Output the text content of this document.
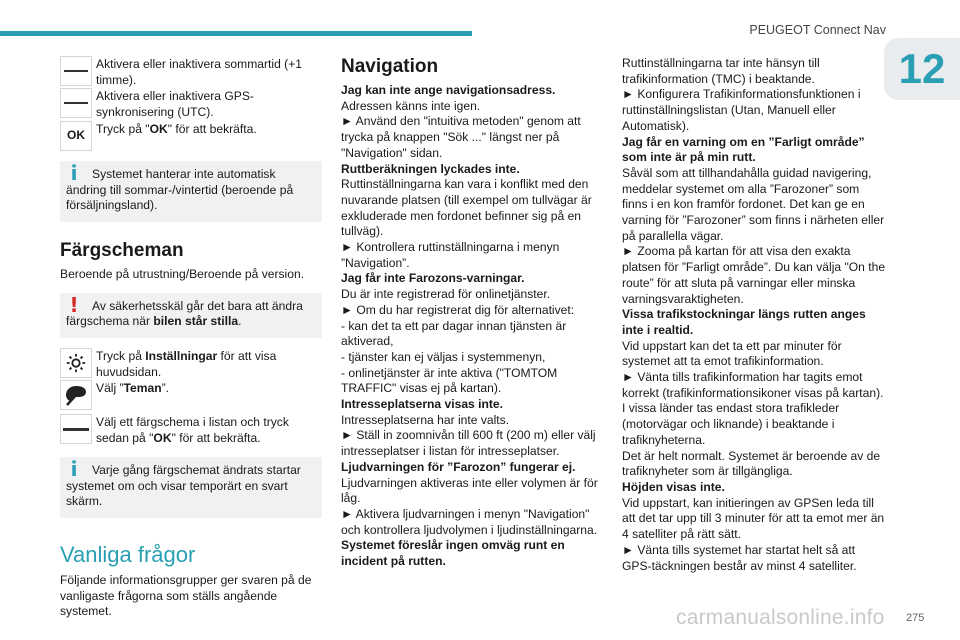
PEUGEOT Connect Nav
12
Aktivera eller inaktivera sommartid (+1 timme).
Aktivera eller inaktivera GPS-synkronisering (UTC).
OK Tryck på "OK" för att bekräfta.
i	Systemet hanterar inte automatisk ändring till sommar-/vintertid (beroende på försäljningsland).
Färgscheman

Beroende på utrustning/Beroende på version.

!	Av säkerhetsskäl går det bara att ändra färgschema när bilen står stilla.
Tryck på Inställningar för att visa huvudsidan.
Välj ”Teman”.
Välj ett färgschema i listan och tryck sedan på "OK" för att bekräfta.
i	Varje gång färgschemat ändrats startar systemet om och visar temporärt en svart skärm.
Vanliga frågor

Följande informationsgrupper ger svaren på de vanligaste frågorna som ställs angående systemet.

Navigation

Jag kan inte ange navigationsadress.

Adressen känns inte igen.

► Använd den "intuitiva metoden" genom att trycka på knappen "Sök ..." längst ner på "Navigation" sidan.

Ruttberäkningen lyckades inte.

Ruttinställningarna kan vara i konflikt med den nuvarande platsen (till exempel om tullvägar är exkluderade men fordonet befinner sig på en tullväg).

► Kontrollera ruttinställningarna i menyn ”Navigation”.

Jag får inte Farozons-varningar.

Du är inte registrerad för onlinetjänster.

► Om du har registrerat dig för alternativet:

- kan det ta ett par dagar innan tjänsten är aktiverad,

- tjänster kan ej väljas i systemmenyn,

- onlinetjänster är inte aktiva ("TOMTOM TRAFFIC" visas ej på kartan).

Intresseplatserna visas inte.

Intresseplatserna har inte valts.

► Ställ in zoomnivån till 600 ft (200 m) eller välj intresseplatser i listan för intresseplatser.

Ljudvarningen för ”Farozon” fungerar ej.

Ljudvarningen aktiveras inte eller volymen är för låg.

► Aktivera ljudvarningen i menyn "Navigation" och kontrollera ljudvolymen i ljudinställningarna.

Systemet föreslår ingen omväg runt en incident på rutten.

Ruttinställningarna tar inte hänsyn till trafikinformation (TMC) i beaktande.

► Konfigurera Trafikinformationsfunktionen i ruttinställningslistan (Utan, Manuell eller Automatisk).

Jag får en varning om en ”Farligt område” som inte är på min rutt.

Såväl som att tillhandahålla guidad navigering, meddelar systemet om alla ”Farozoner” som finns i en kon framför fordonet. Det kan ge en varning för ”Farozoner” som finns i närheten eller på parallella vägar.

► Zooma på kartan för att visa den exakta platsen för ”Farligt område”. Du kan välja "On the route” för att sluta på varningar eller minska varningsvaraktigheten.

Vissa trafikstockningar längs rutten anges inte i realtid.

Vid uppstart kan det ta ett par minuter för systemet att ta emot trafikinformation.

► Vänta tills trafikinformation har tagits emot korrekt (trafikinformationsikoner visas på kartan).

I vissa länder tas endast stora trafikleder (motorvägar och liknande) i beaktande i trafiknyheterna.

Det är helt normalt. Systemet är beroende av de trafiknyheter som är tillgängliga.

Höjden visas inte.

Vid uppstart, kan initieringen av GPSen leda till att det tar upp till 3 minuter för att ta emot mer än 4 satelliter på rätt sätt.

► Vänta tills systemet har startat helt så att GPS-täckningen består av minst 4 satelliter.

carmanualsonline.info 275
